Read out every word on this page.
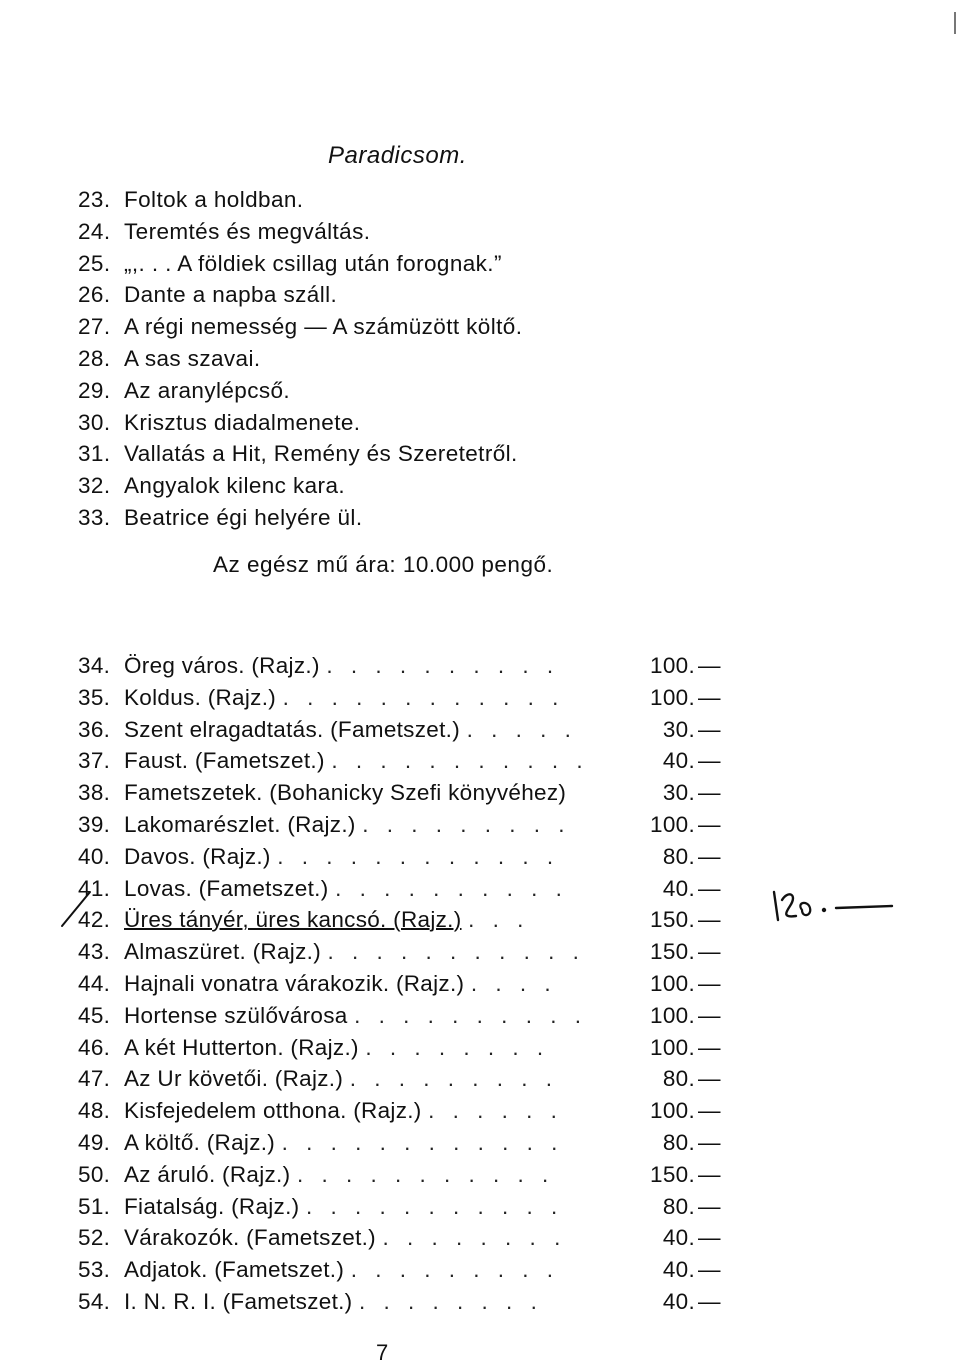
Paradicsom.
23. Foltok a holdban.
24. Teremtés és megváltás.
25. „,. . . A földiek csillag után forognak.”
26. Dante a napba száll.
27. A régi nemesség — A számüzött költő.
28. A sas szavai.
29. Az aranylépcső.
30. Krisztus diadalmenete.
31. Vallatás a Hit, Remény és Szeretetről.
32. Angyalok kilenc kara.
33. Beatrice égi helyére ül.
Az egész mű ára: 10.000 pengő.
34. Öreg város. (Rajz.) . . . . . . . . . .	100. —
35. Koldus. (Rajz.) . . . . . . . . . . . .	100. —
36. Szent elragadtatás. (Fametszet.) . . . . .	30. —
37. Faust. (Fametszet.) . . . . . . . . . . .	40. —
38. Fametszetek. (Bohanicky Szefi könyvéhez)	30. —
39. Lakomarészlet. (Rajz.) . . . . . . . . .	100. —
40. Davos. (Rajz.) . . . . . . . . . . . .	80. —
41. Lovas. (Fametszet.) . . . . . . . . . .	40. —
42. Üres tányér, üres kancsó. (Rajz.) . . .	150. —
43. Almaszüret. (Rajz.) . . . . . . . . . . .	150. —
44. Hajnali vonatra várakozik. (Rajz.) . . . .	100. —
45. Hortense szülővárosa . . . . . . . . . .	100. —
46. A két Hutterton. (Rajz.) . . . . . . . .	100. —
47. Az Ur követői. (Rajz.) . . . . . . . . .	80. —
48. Kisfejedelem otthona. (Rajz.) . . . . . .	100. —
49. A költő. (Rajz.) . . . . . . . . . . . .	80. —
50. Az áruló. (Rajz.) . . . . . . . . . . .	150. —
51. Fiatalság. (Rajz.) . . . . . . . . . . .	80. —
52. Várakozók. (Fametszet.) . . . . . . . .	40. —
53. Adjatok. (Fametszet.) . . . . . . . . .	40. —
54. I. N. R. I. (Fametszet.) . . . . . . . .	40. —
7
